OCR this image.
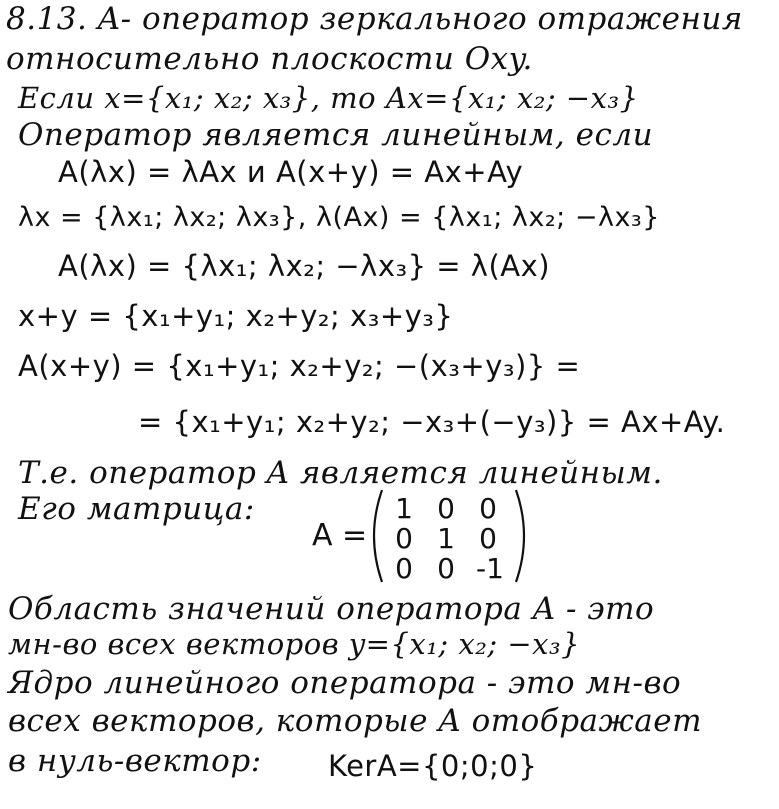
8.13. A- оператор зеркального отражения
относительно плоскости Oxy.
Если x={x₁; x₂; x₃}, то Ax={x₁; x₂; −x₃}
Оператор является линейным, если
A(λx) = λAx и A(x+y) = Ax+Ay
λx = {λx₁; λx₂; λx₃}, λ(Ax) = {λx₁; λx₂; −λx₃}
A(λx) = {λx₁; λx₂; −λx₃} = λ(Ax)
x+y = {x₁+y₁; x₂+y₂; x₃+y₃}
A(x+y) = {x₁+y₁; x₂+y₂; −(x₃+y₃)} =
= {x₁+y₁; x₂+y₂; −x₃+(−y₃)} = Ax+Ay.
Т.е. оператор A является линейным.
Его матрица:
A =
1 0 0
0 1 0
0 0 -1
Область значений оператора A - это
мн-во всех векторов y={x₁; x₂; −x₃}
Ядро линейного оператора - это мн-во
всех векторов, которые A отображает
в нуль-вектор: KerA={0;0;0}
